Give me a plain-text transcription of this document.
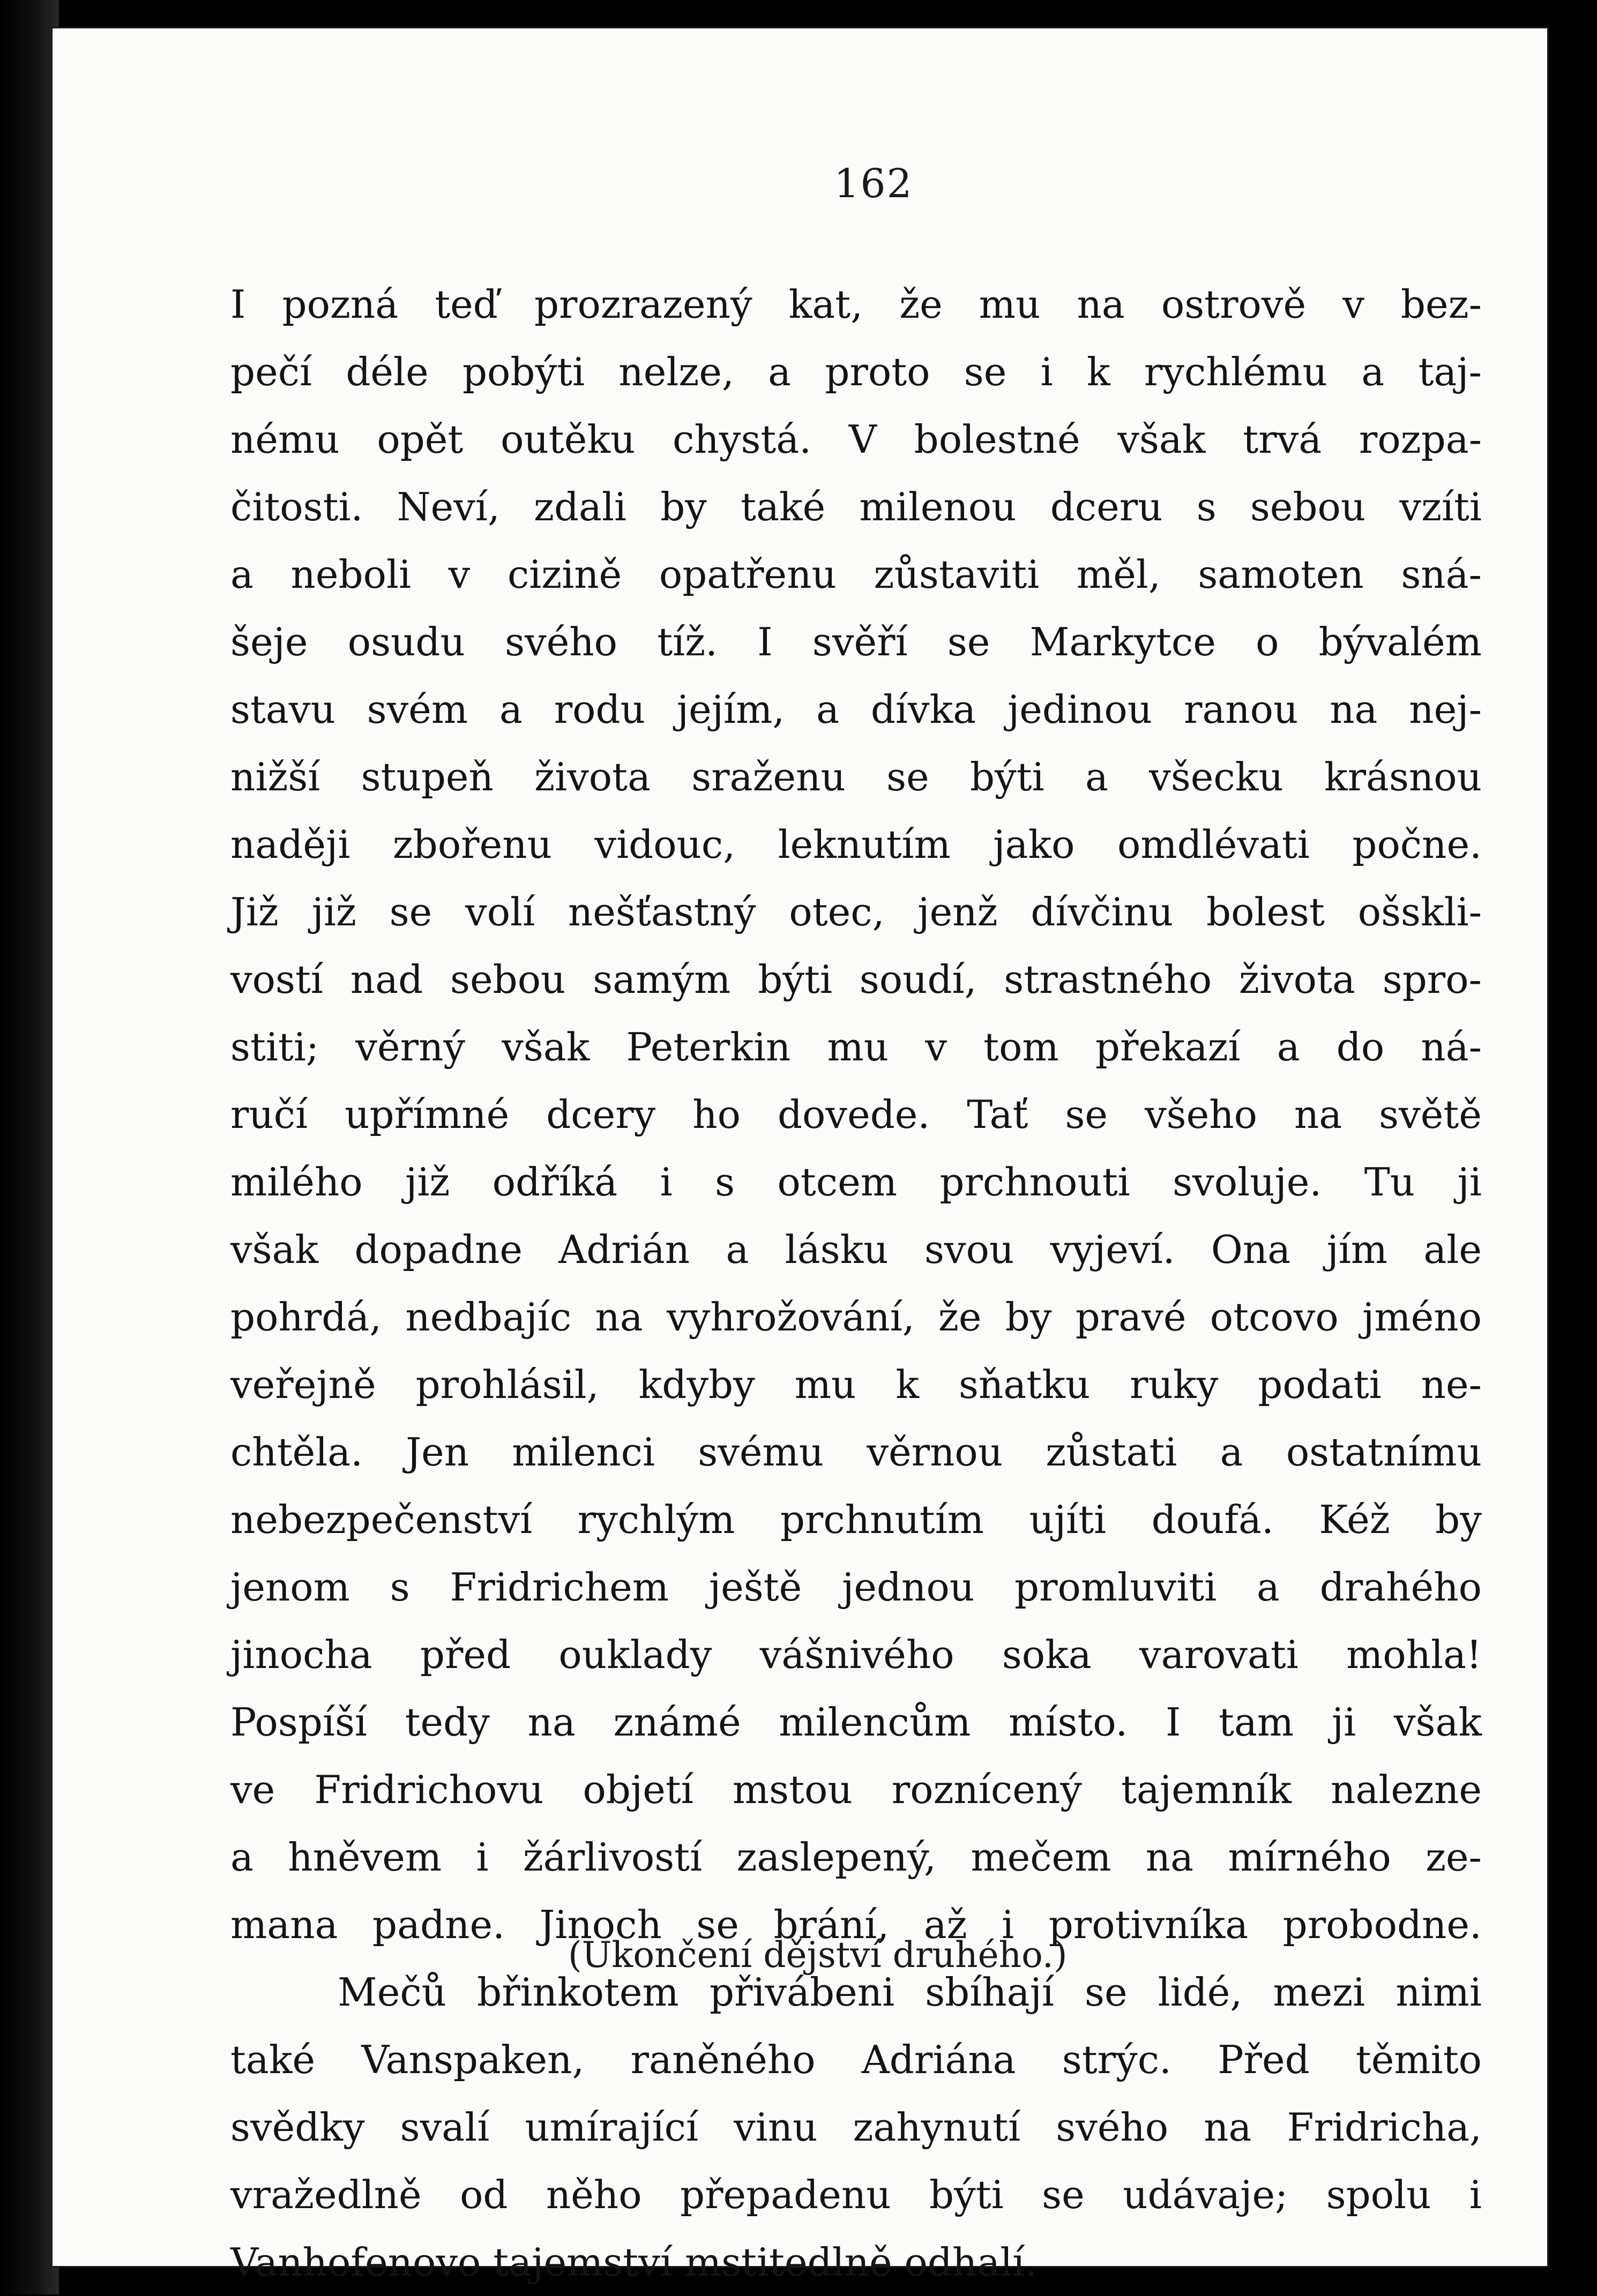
162
I pozná teď prozrazený kat, že mu na ostrově v bez-
pečí déle pobýti nelze, a proto se i k rychlému a taj-
nému opět outěku chystá. V bolestné však trvá rozpa-
čitosti. Neví, zdali by také milenou dceru s sebou vzíti
a neboli v cizině opatřenu zůstaviti měl, samoten sná-
šeje osudu svého tíž. I svěří se Markytce o bývalém
stavu svém a rodu jejím, a dívka jedinou ranou na nej-
nižší stupeň života sraženu se býti a všecku krásnou
naději zbořenu vidouc, leknutím jako omdlévati počne.
Již již se volí nešťastný otec, jenž dívčinu bolest ošskli-
vostí nad sebou samým býti soudí, strastného života spro-
stiti; věrný však Peterkin mu v tom překazí a do ná-
ručí upřímné dcery ho dovede. Tať se všeho na světě
milého již odříká i s otcem prchnouti svoluje. Tu ji
však dopadne Adrián a lásku svou vyjeví. Ona jím ale
pohrdá, nedbajíc na vyhrožování, že by pravé otcovo jméno
veřejně prohlásil, kdyby mu k sňatku ruky podati ne-
chtěla. Jen milenci svému věrnou zůstati a ostatnímu
nebezpečenství rychlým prchnutím ujíti doufá. Kéž by
jenom s Fridrichem ještě jednou promluviti a drahého
jinocha před ouklady vášnivého soka varovati mohla!
Pospíší tedy na známé milencům místo. I tam ji však
ve Fridrichovu objetí mstou roznícený tajemník nalezne
a hněvem i žárlivostí zaslepený, mečem na mírného ze-
mana padne. Jinoch se brání, až i protivníka probodne.
Mečů břinkotem přivábeni sbíhají se lidé, mezi nimi
také Vanspaken, raněného Adriána strýc. Před těmito
svědky svalí umírající vinu zahynutí svého na Fridricha,
vražedlně od něho přepadenu býti se udávaje; spolu i
Vanhofenovo tajemství mstitedlně odhalí.
(Ukončení dějství druhého.)
